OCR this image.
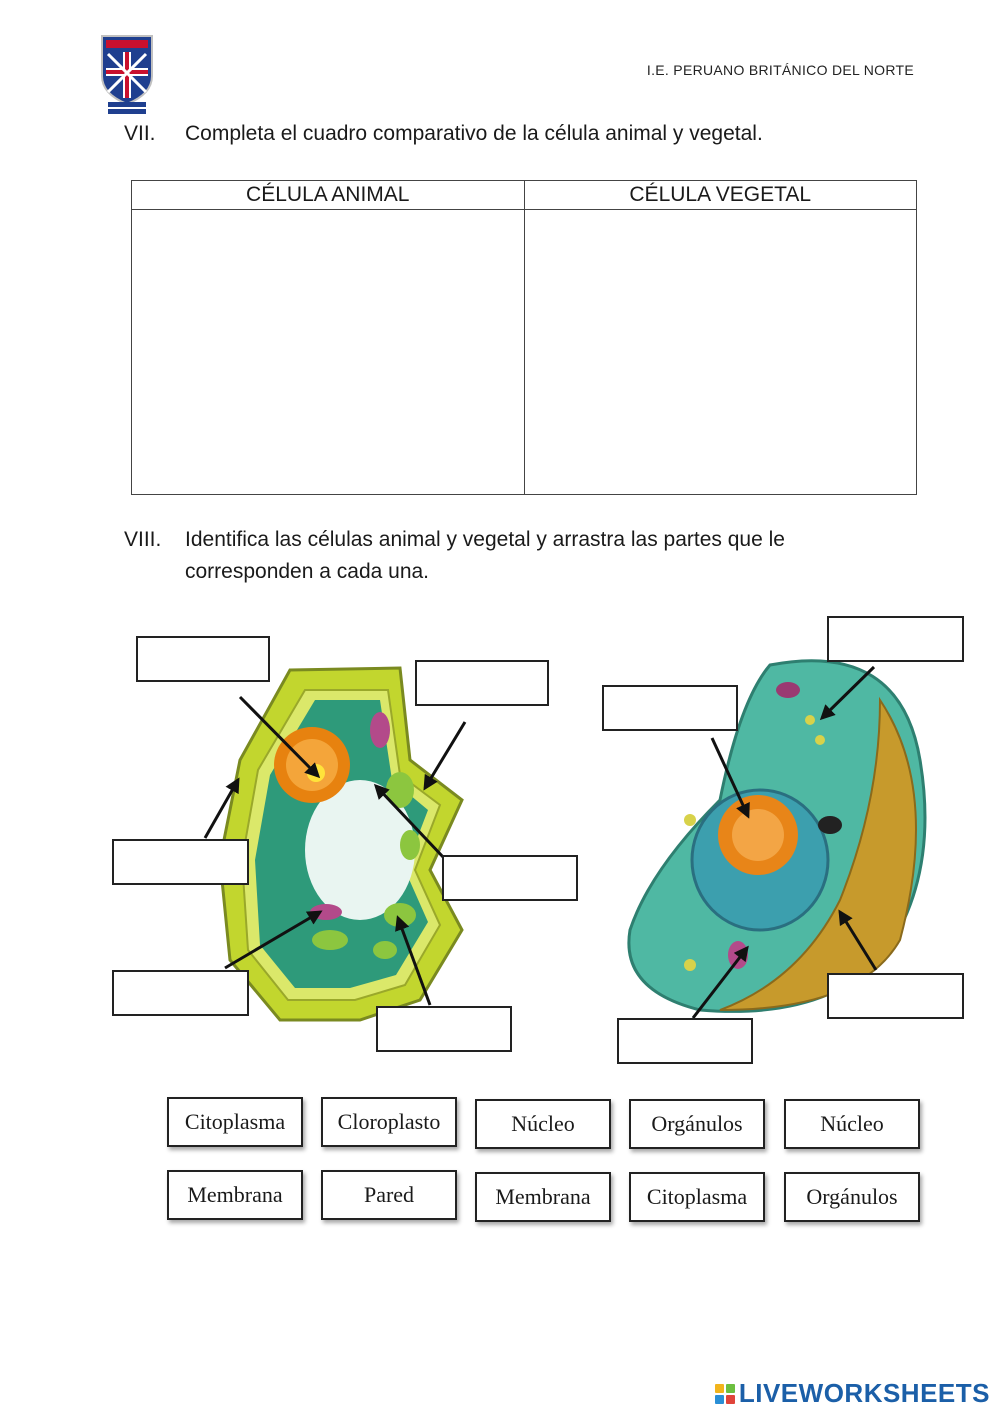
I.E. PERUANO BRITÁNICO DEL NORTE
VII. Completa el cuadro comparativo de la célula animal y vegetal.
CÉLULA ANIMAL	CÉLULA VEGETAL

VIII. Identifica las células animal y vegetal y arrastra las partes que le corresponden a cada una.
Citoplasma	Cloroplasto	Núcleo	Orgánulos	Núcleo
Membrana	Pared	Membrana	Citoplasma	Orgánulos
LIVEWORKSHEETS
